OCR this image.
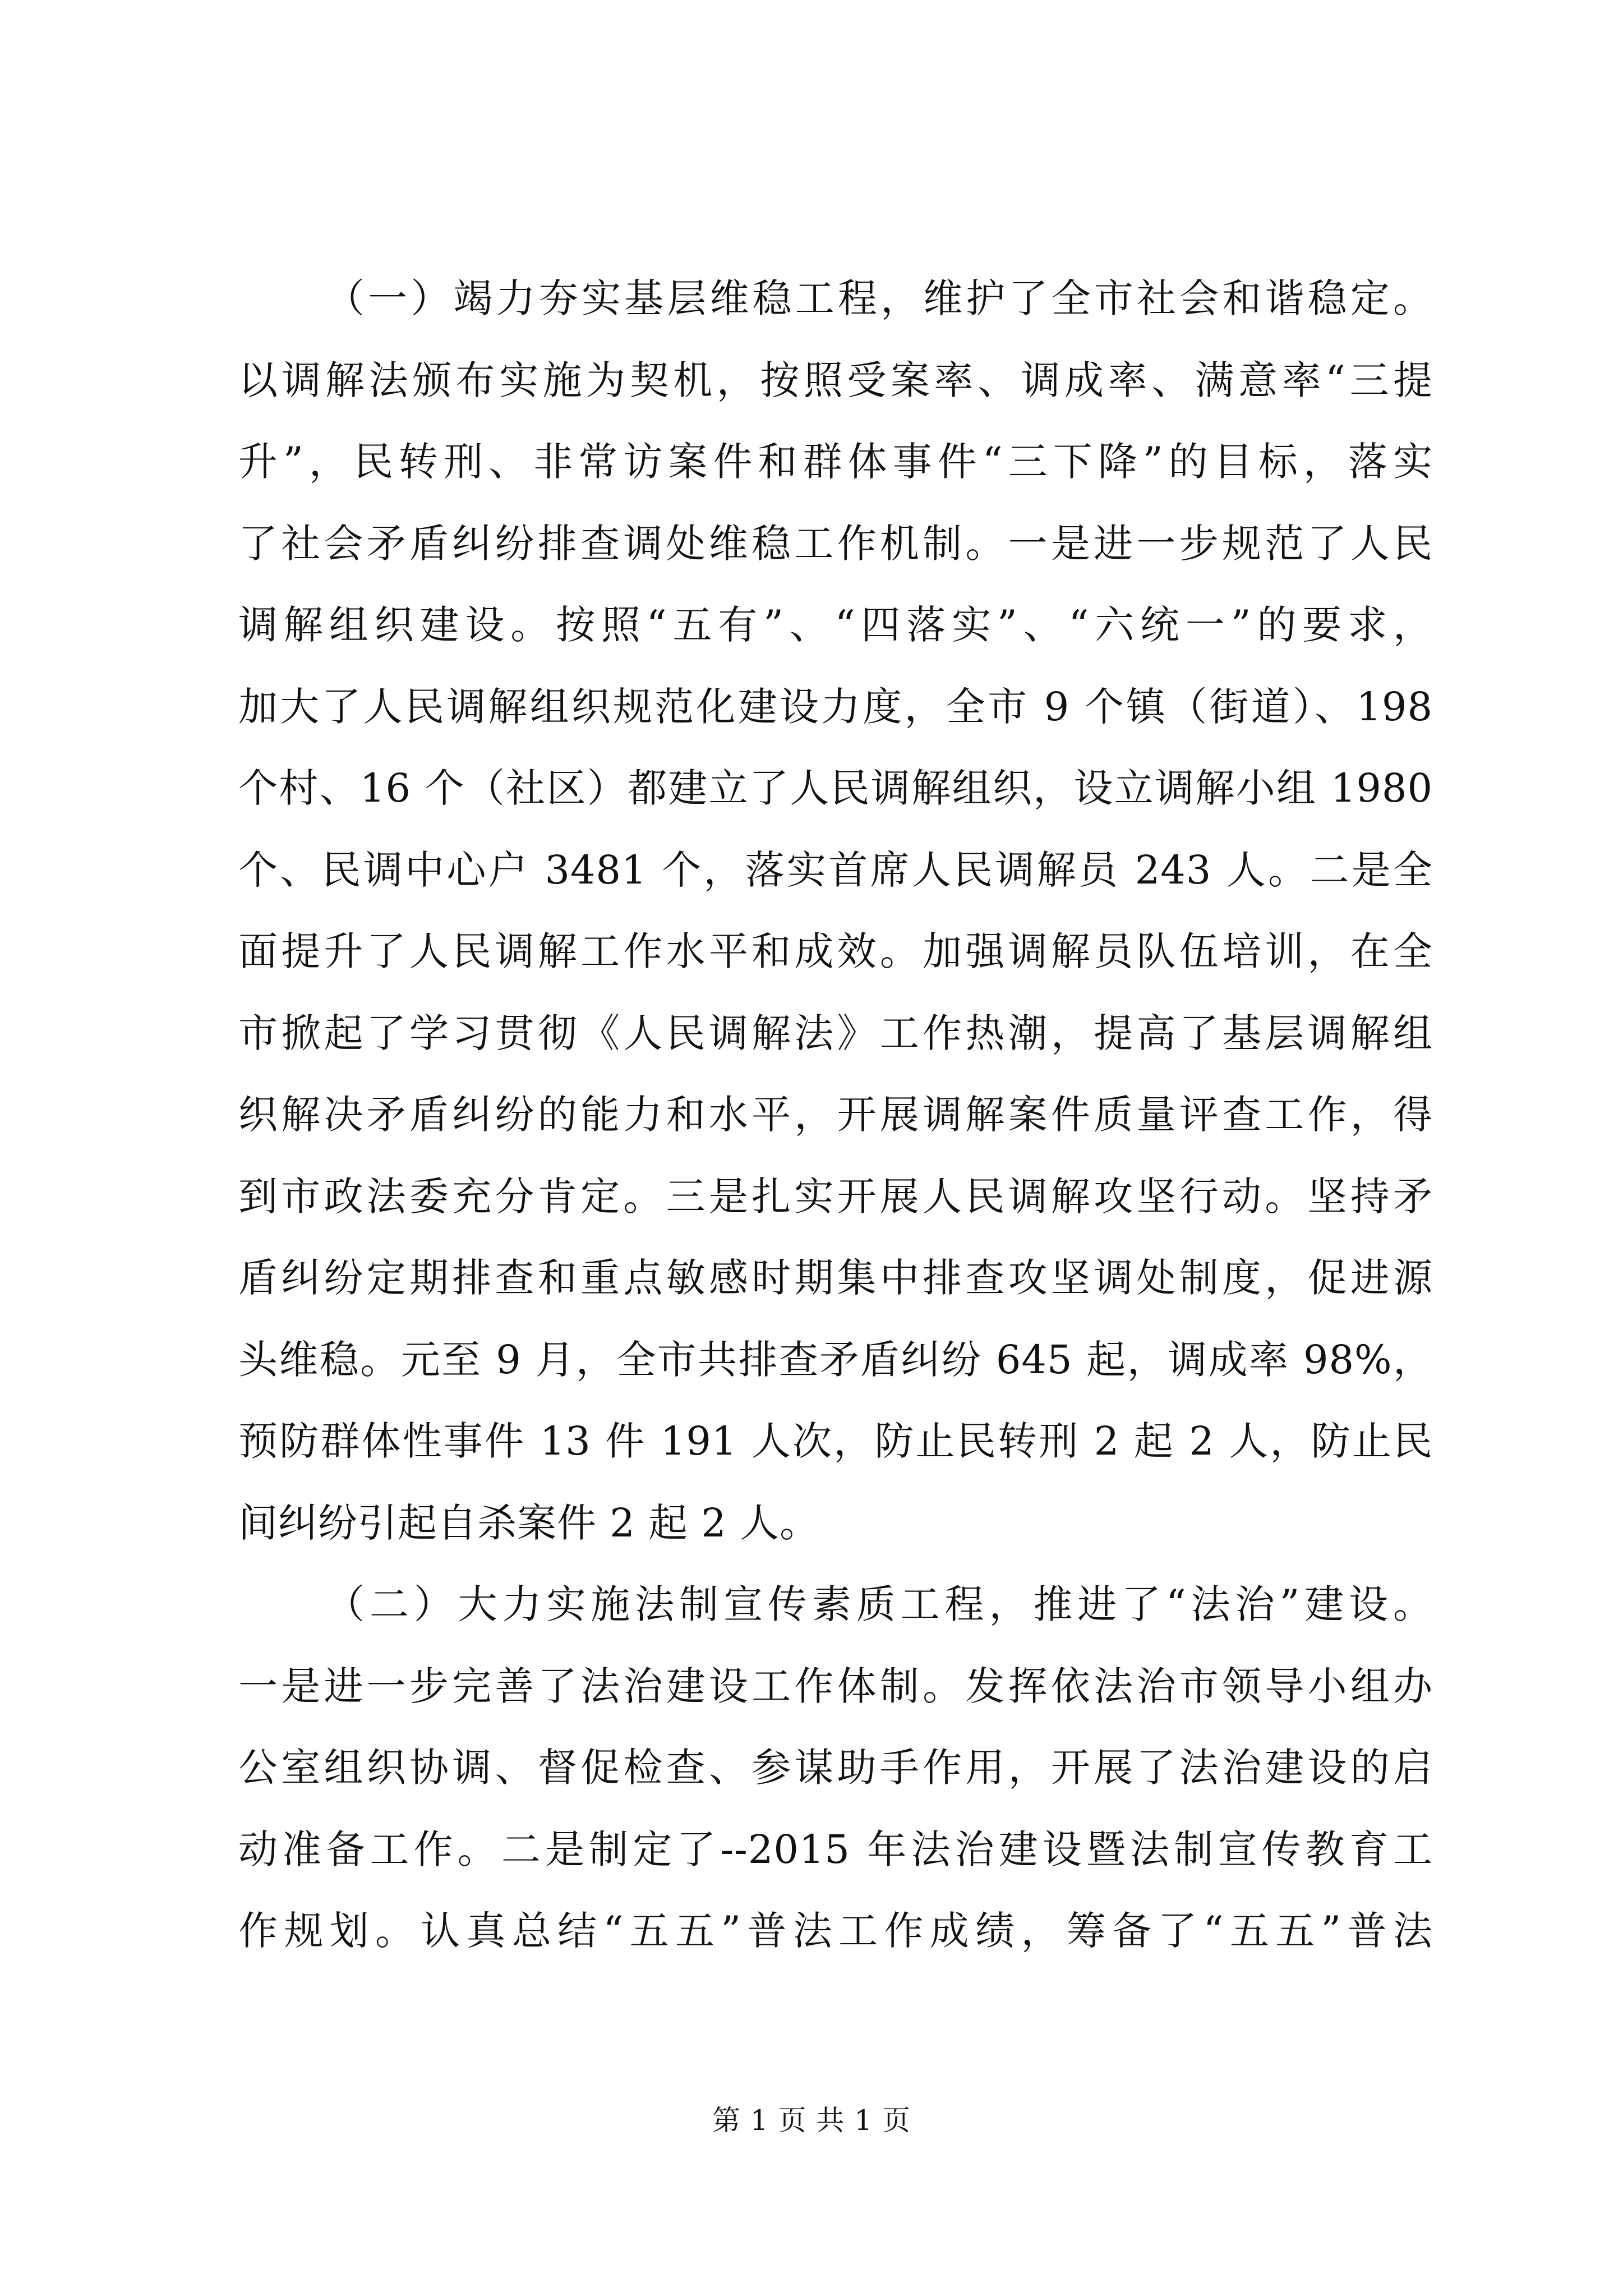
（一）竭力夯实基层维稳工程，维护了全市社会和谐稳定。
以调解法颁布实施为契机，按照受案率、调成率、满意率“三提
升”，民转刑、非常访案件和群体事件“三下降”的目标，落实
了社会矛盾纠纷排查调处维稳工作机制。一是进一步规范了人民
调解组织建设。按照“五有”、“四落实”、“六统一”的要求，
加大了人民调解组织规范化建设力度，全市 9 个镇（街道）、198
个村、16 个（社区）都建立了人民调解组织，设立调解小组 1980
个、民调中心户 3481 个，落实首席人民调解员 243 人。二是全
面提升了人民调解工作水平和成效。加强调解员队伍培训，在全
市掀起了学习贯彻《人民调解法》工作热潮，提高了基层调解组
织解决矛盾纠纷的能力和水平，开展调解案件质量评查工作，得
到市政法委充分肯定。三是扎实开展人民调解攻坚行动。坚持矛
盾纠纷定期排查和重点敏感时期集中排查攻坚调处制度，促进源
头维稳。元至 9 月，全市共排查矛盾纠纷 645 起，调成率 98%，
预防群体性事件 13 件 191 人次，防止民转刑 2 起 2 人，防止民
间纠纷引起自杀案件 2 起 2 人。
（二）大力实施法制宣传素质工程，推进了“法治”建设。
一是进一步完善了法治建设工作体制。发挥依法治市领导小组办
公室组织协调、督促检查、参谋助手作用，开展了法治建设的启
动准备工作。二是制定了--2015 年法治建设暨法制宣传教育工
作规划。认真总结“五五”普法工作成绩，筹备了“五五”普法
第 1 页 共 1 页
